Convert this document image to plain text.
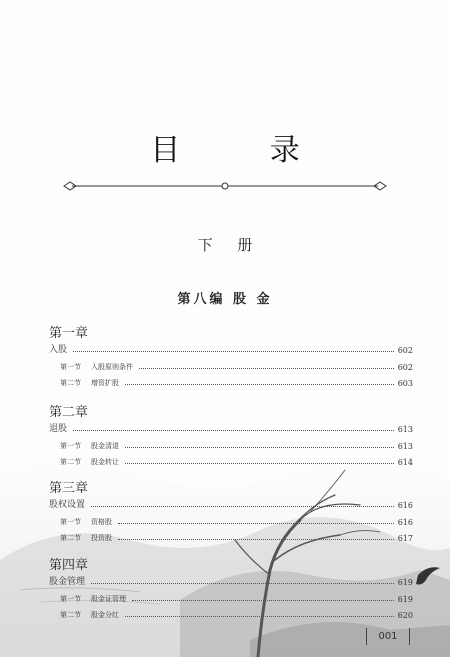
目 录
下 册
第八编 股 金
第一章
入股	602
第一节 入股原则条件	602
第二节 增资扩股	603
第二章
退股	613
第一节 股金清退	613
第二节 股金转让	614
第三章
股权设置	616
第一节 资格股	616
第二节 投资股	617
第四章
股金管理	619
第一节 股金证管理	619
第二节 股金分红	620
001
